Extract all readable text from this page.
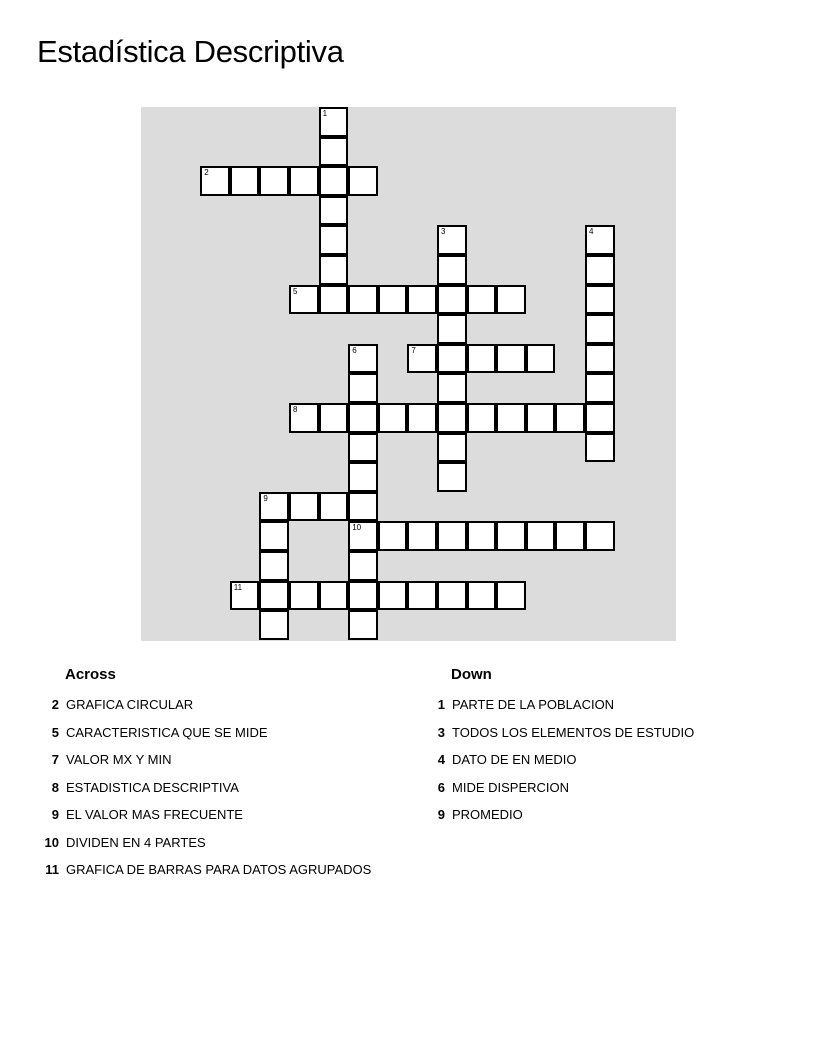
Estadística Descriptiva
Across	Down
2 GRAFICA CIRCULAR
5 CARACTERISTICA QUE SE MIDE
7 VALOR MX Y MIN
8 ESTADISTICA DESCRIPTIVA
9 EL VALOR MAS FRECUENTE
10 DIVIDEN EN 4 PARTES
11 GRAFICA DE BARRAS PARA DATOS AGRUPADOS
1 PARTE DE LA POBLACION
3 TODOS LOS ELEMENTOS DE ESTUDIO
4 DATO DE EN MEDIO
6 MIDE DISPERCION
9 PROMEDIO
1
2
3	4
5
6
10
7
8
9
11
